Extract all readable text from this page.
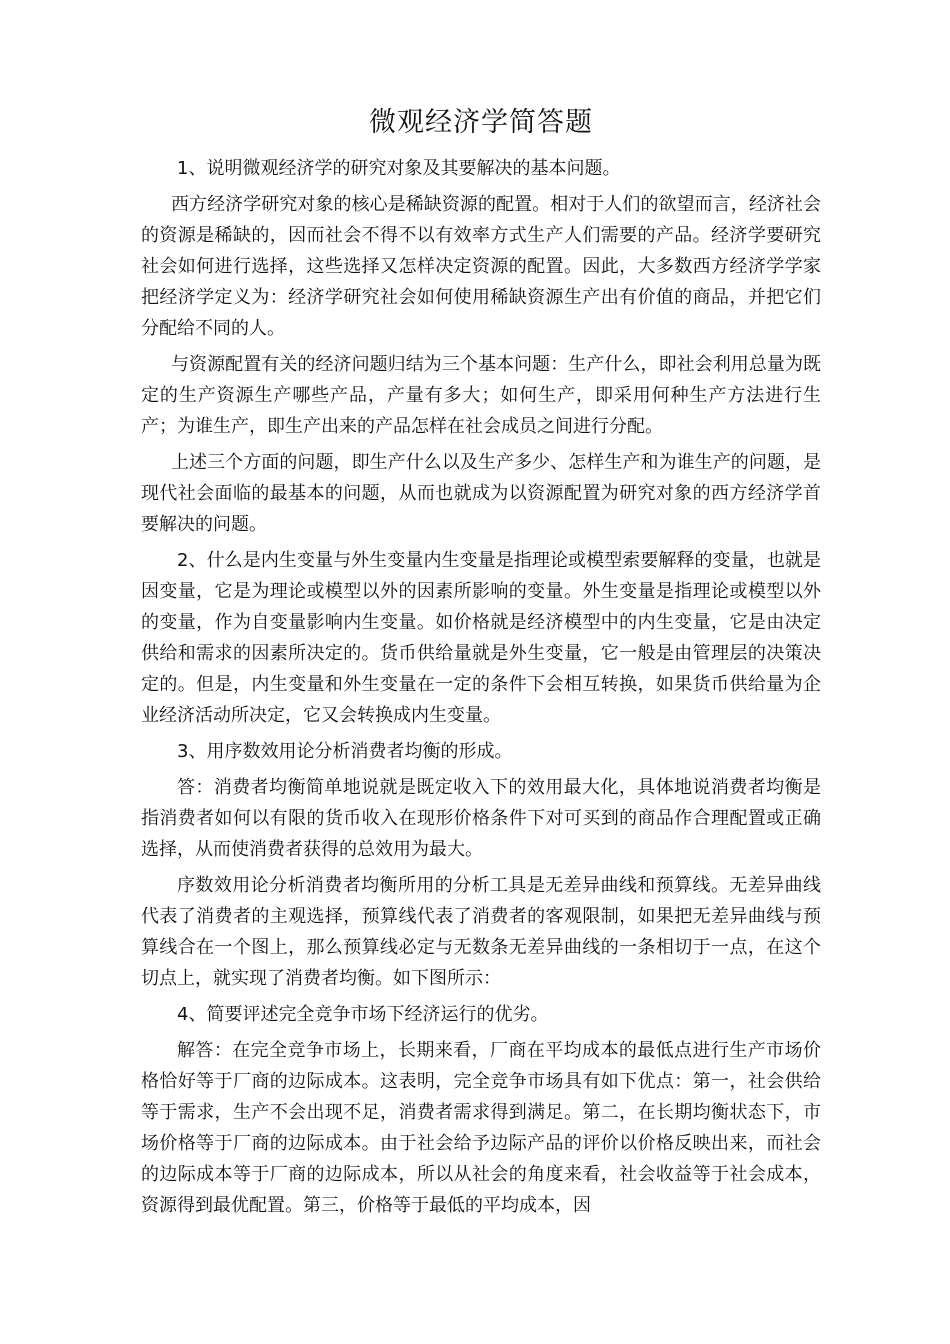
微观经济学简答题

1、说明微观经济学的研究对象及其要解决的基本问题。

西方经济学研究对象的核心是稀缺资源的配置。相对于人们的欲望而言，经济社会的资源是稀缺的，因而社会不得不以有效率方式生产人们需要的产品。经济学要研究社会如何进行选择，这些选择又怎样决定资源的配置。因此，大多数西方经济学学家把经济学定义为：经济学研究社会如何使用稀缺资源生产出有价值的商品，并把它们分配给不同的人。

与资源配置有关的经济问题归结为三个基本问题：生产什么，即社会利用总量为既定的生产资源生产哪些产品，产量有多大；如何生产，即采用何种生产方法进行生产；为谁生产，即生产出来的产品怎样在社会成员之间进行分配。

上述三个方面的问题，即生产什么以及生产多少、怎样生产和为谁生产的问题，是现代社会面临的最基本的问题，从而也就成为以资源配置为研究对象的西方经济学首要解决的问题。

2、什么是内生变量与外生变量内生变量是指理论或模型索要解释的变量，也就是因变量，它是为理论或模型以外的因素所影响的变量。外生变量是指理论或模型以外的变量，作为自变量影响内生变量。如价格就是经济模型中的内生变量，它是由决定供给和需求的因素所决定的。货币供给量就是外生变量，它一般是由管理层的决策决定的。但是，内生变量和外生变量在一定的条件下会相互转换，如果货币供给量为企业经济活动所决定，它又会转换成内生变量。

3、用序数效用论分析消费者均衡的形成。

答：消费者均衡简单地说就是既定收入下的效用最大化，具体地说消费者均衡是指消费者如何以有限的货币收入在现形价格条件下对可买到的商品作合理配置或正确选择，从而使消费者获得的总效用为最大。

序数效用论分析消费者均衡所用的分析工具是无差异曲线和预算线。无差异曲线代表了消费者的主观选择，预算线代表了消费者的客观限制，如果把无差异曲线与预算线合在一个图上，那么预算线必定与无数条无差异曲线的一条相切于一点，在这个切点上，就实现了消费者均衡。如下图所示：

4、简要评述完全竞争市场下经济运行的优劣。

解答：在完全竞争市场上，长期来看，厂商在平均成本的最低点进行生产市场价格恰好等于厂商的边际成本。这表明，完全竞争市场具有如下优点：第一，社会供给等于需求，生产不会出现不足，消费者需求得到满足。第二，在长期均衡状态下，市场价格等于厂商的边际成本。由于社会给予边际产品的评价以价格反映出来，而社会的边际成本等于厂商的边际成本，所以从社会的角度来看，社会收益等于社会成本，资源得到最优配置。第三，价格等于最低的平均成本，因
